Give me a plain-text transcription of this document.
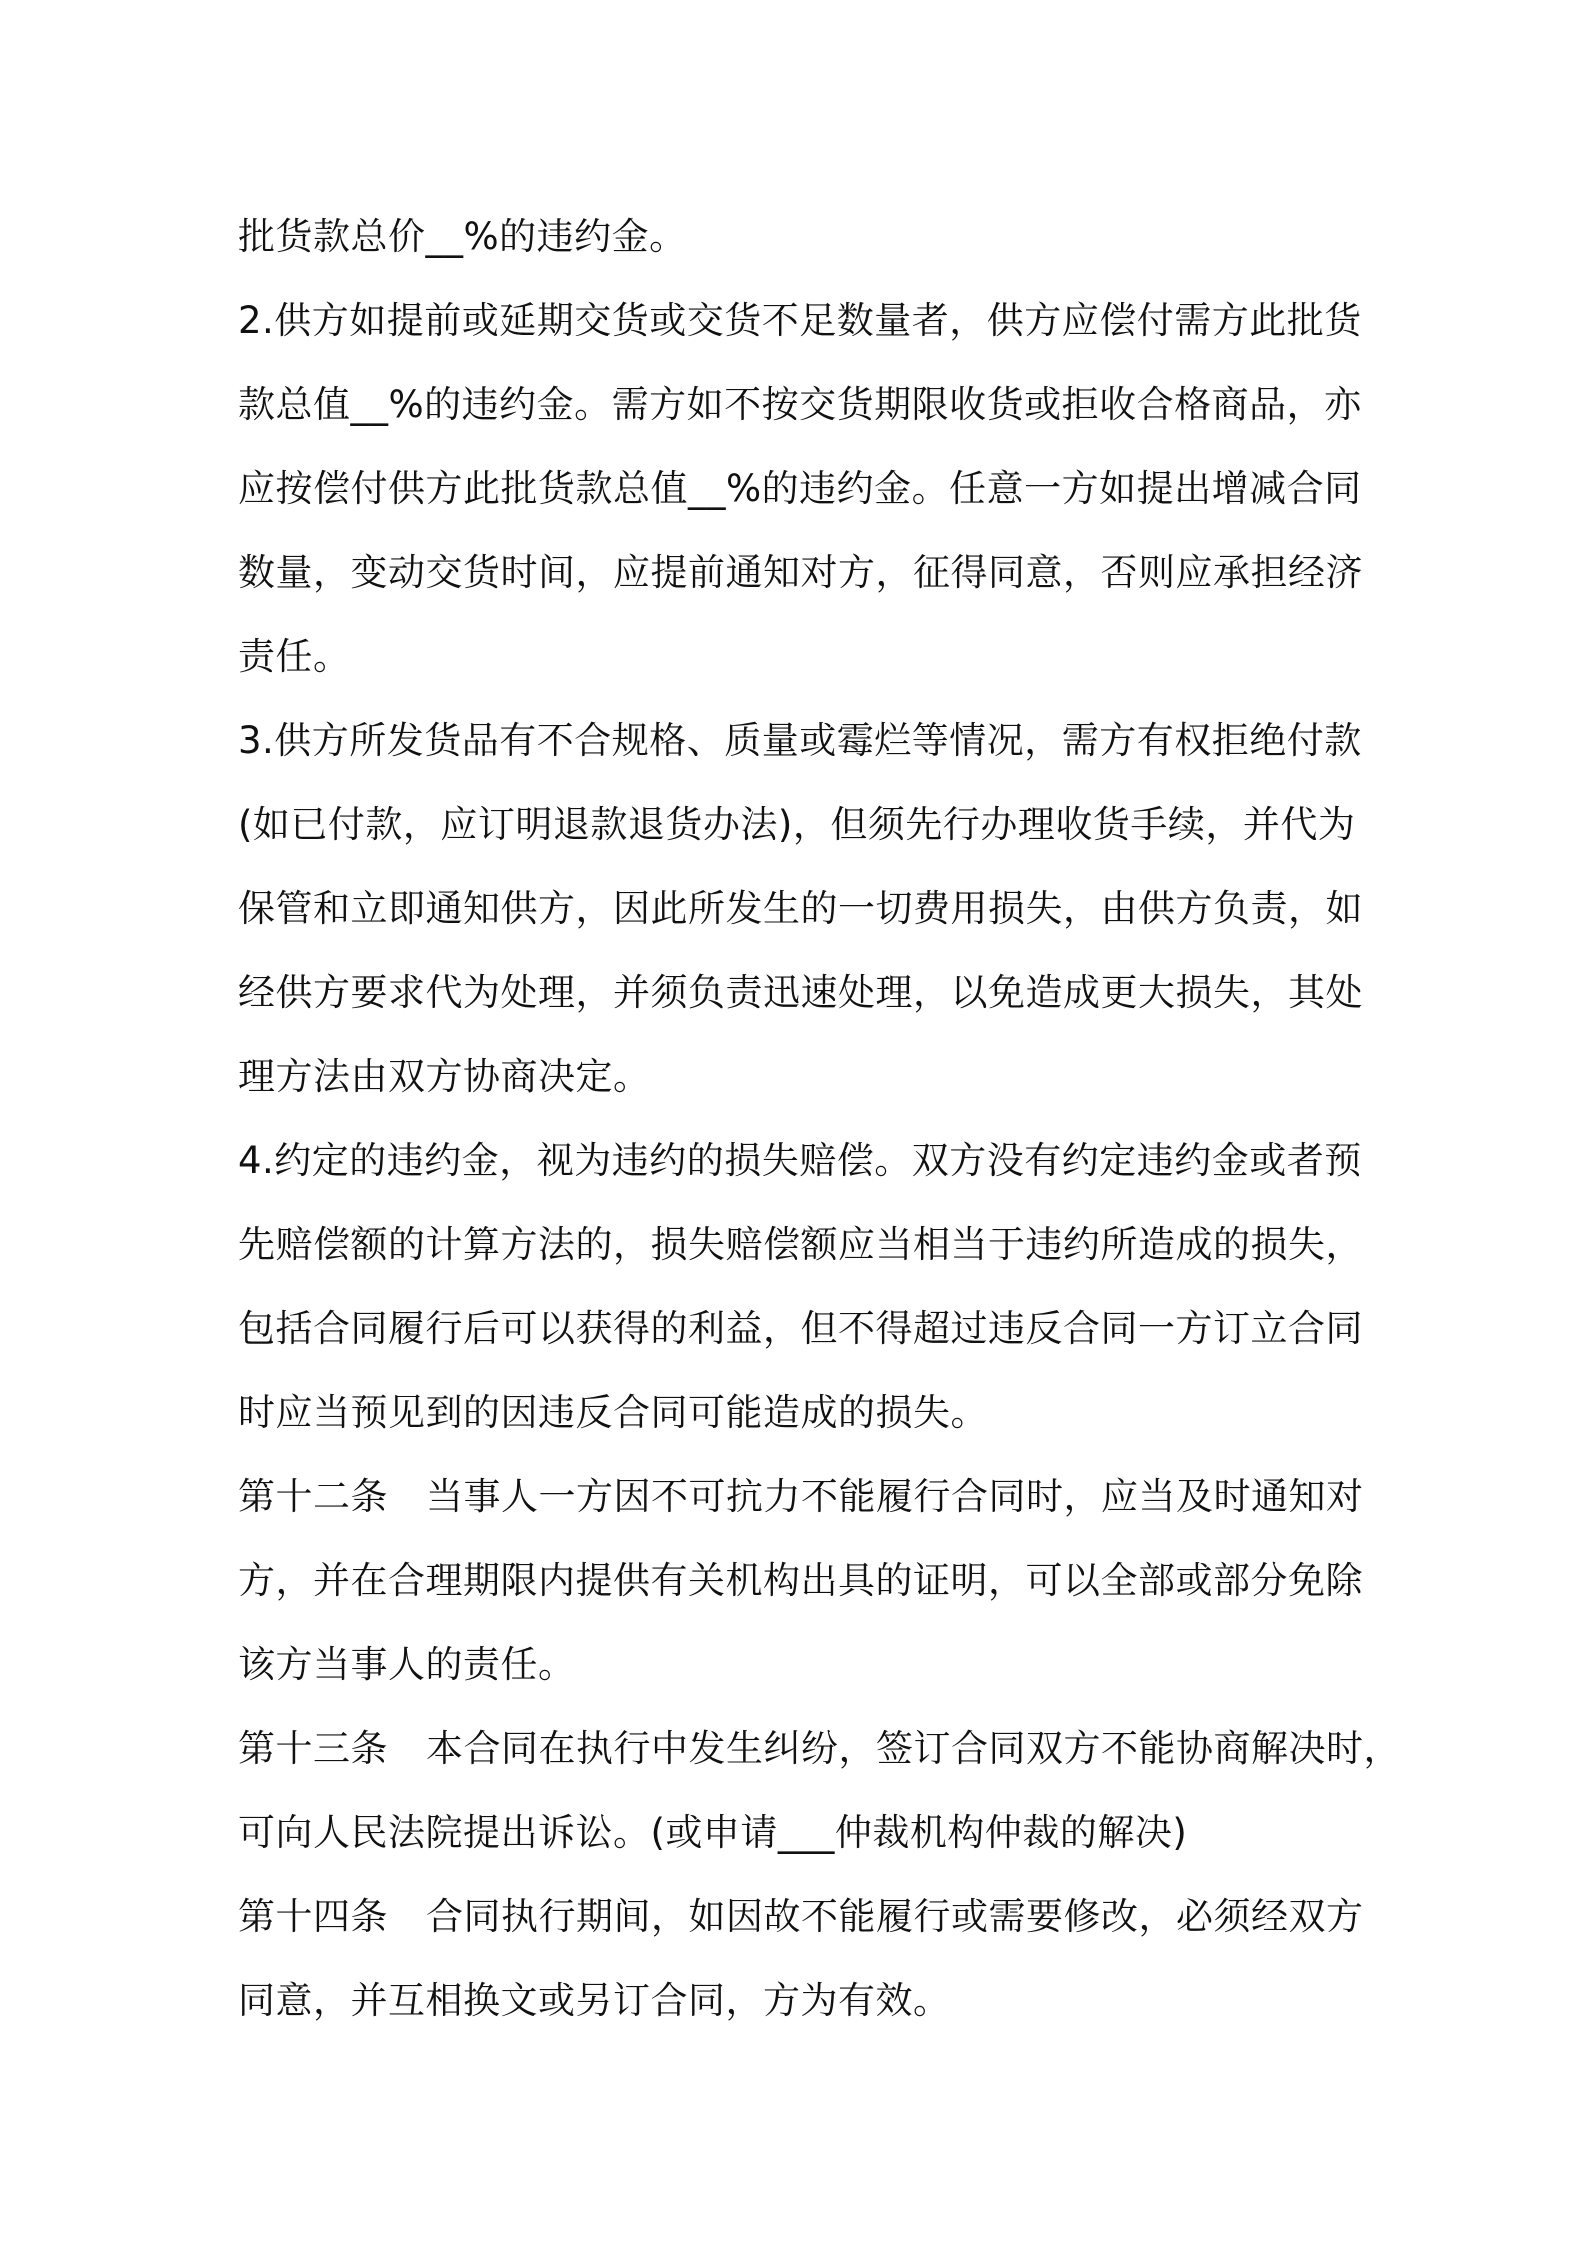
批货款总价__%的违约金。
2.供方如提前或延期交货或交货不足数量者，供方应偿付需方此批货
款总值__%的违约金。需方如不按交货期限收货或拒收合格商品，亦
应按偿付供方此批货款总值__%的违约金。任意一方如提出增减合同
数量，变动交货时间，应提前通知对方，征得同意，否则应承担经济
责任。
3.供方所发货品有不合规格、质量或霉烂等情况，需方有权拒绝付款
(如已付款，应订明退款退货办法)，但须先行办理收货手续，并代为
保管和立即通知供方，因此所发生的一切费用损失，由供方负责，如
经供方要求代为处理，并须负责迅速处理，以免造成更大损失，其处
理方法由双方协商决定。
4.约定的违约金，视为违约的损失赔偿。双方没有约定违约金或者预
先赔偿额的计算方法的，损失赔偿额应当相当于违约所造成的损失，
包括合同履行后可以获得的利益，但不得超过违反合同一方订立合同
时应当预见到的因违反合同可能造成的损失。
第十二条 当事人一方因不可抗力不能履行合同时，应当及时通知对
方，并在合理期限内提供有关机构出具的证明，可以全部或部分免除
该方当事人的责任。
第十三条 本合同在执行中发生纠纷，签订合同双方不能协商解决时，
可向人民法院提出诉讼。(或申请___仲裁机构仲裁的解决)
第十四条 合同执行期间，如因故不能履行或需要修改，必须经双方
同意，并互相换文或另订合同，方为有效。
